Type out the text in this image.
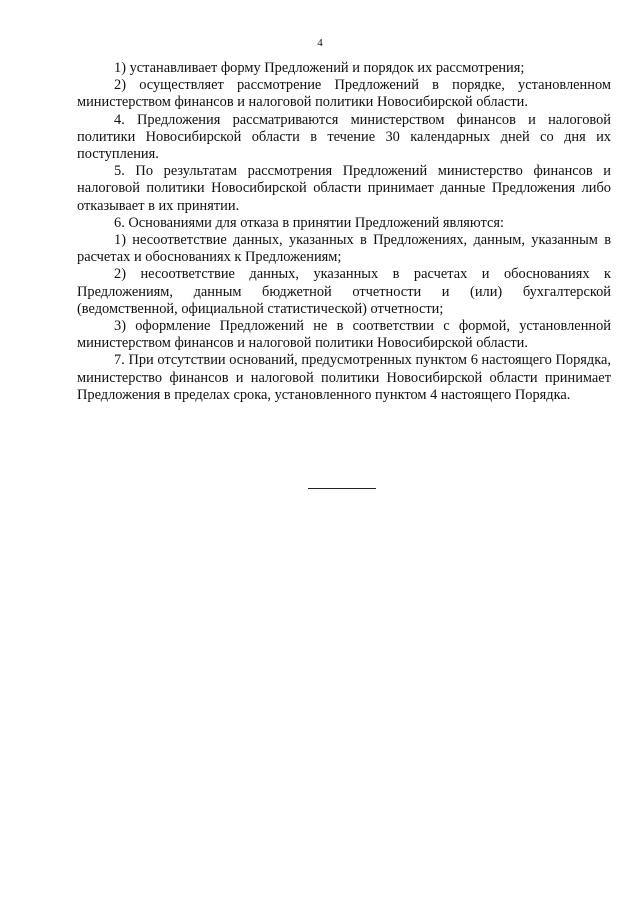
4

1) устанавливает форму Предложений и порядок их рассмотрения;

2) осуществляет рассмотрение Предложений в порядке, установленном министерством финансов и налоговой политики Новосибирской области.

4. Предложения рассматриваются министерством финансов и налоговой политики Новосибирской области в течение 30 календарных дней со дня их поступления.

5. По результатам рассмотрения Предложений министерство финансов и налоговой политики Новосибирской области принимает данные Предложения либо отказывает в их принятии.

6. Основаниями для отказа в принятии Предложений являются:

1) несоответствие данных, указанных в Предложениях, данным, указанным в расчетах и обоснованиях к Предложениям;

2) несоответствие данных, указанных в расчетах и обоснованиях к Предложениям, данным бюджетной отчетности и (или) бухгалтерской (ведомственной, официальной статистической) отчетности;

3) оформление Предложений не в соответствии с формой, установленной министерством финансов и налоговой политики Новосибирской области.

7. При отсутствии оснований, предусмотренных пунктом 6 настоящего Порядка, министерство финансов и налоговой политики Новосибирской области принимает Предложения в пределах срока, установленного пунктом 4 настоящего Порядка.
